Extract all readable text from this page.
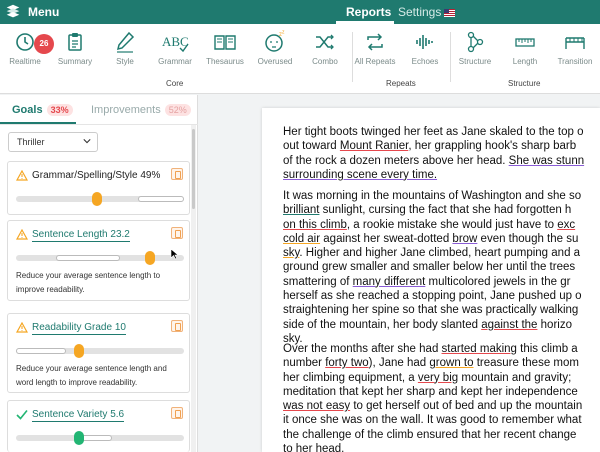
Menu	Reports Settings
26
Realtime	Summary	Style
ABC
Grammar	Thesaurus
z z
Overused	Combo	All Repeats	Echoes	Structure	Length	Transition
Core	Repeats	Structure
Goals 33%	Improvements 52%
Thriller
Grammar/Spelling/Style 49%
Sentence Length 23.2
Reduce your average sentence length to improve readability.
Readability Grade 10
Reduce your average sentence length and word length to improve readability.
Sentence Variety 5.6
Her tight boots twinged her feet as Jane skaled to the top o
out toward Mount Ranier, her grappling hook's sharp barb
of the rock a dozen meters above her head. She was stunn
surrounding scene every time.
It was morning in the mountains of Washington and she so
brilliant sunlight, cursing the fact that she had forgotten h
on this climb, a rookie mistake she would just have to exc
cold air against her sweat-dotted brow even though the su
sky. Higher and higher Jane climbed, heart pumping and a
ground grew smaller and smaller below her until the trees
smattering of many different multicolored jewels in the gr
herself as she reached a stopping point, Jane pushed up o
straightening her spine so that she was practically walking
side of the mountain, her body slanted against the horizo
sky.
Over the months after she had started making this climb a
number forty two), Jane had grown to treasure these mom
her climbing equipment, a very big mountain and gravity;
meditation that kept her sharp and kept her independence
was not easy to get herself out of bed and up the mountain
it once she was on the wall. It was good to remember what
the challenge of the climb ensured that her recent change
to her head.
